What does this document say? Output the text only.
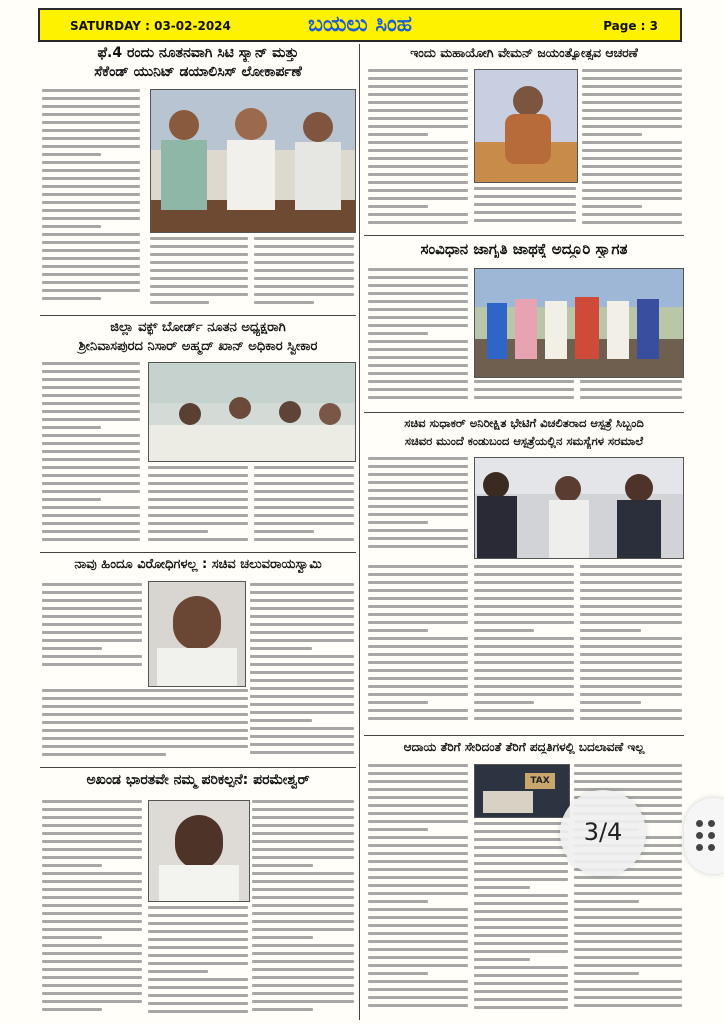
SATURDAY : 03-02-2024	ಬಯಲು ಸಿಂಹ	Page : 3
ಫೆ.4 ರಂದು ನೂತನವಾಗಿ ಸಿಟಿ ಸ್ಕ್ಯಾನ್ ಮತ್ತು
ಸೆಕೆಂಡ್ ಯುನಿಟ್ ಡಯಾಲಿಸಿಸ್ ಲೋಕಾರ್ಪಣೆ
ಜಿಲ್ಲಾ ವಕ್ಫ್ ಬೋರ್ಡ್ ನೂತನ ಅಧ್ಯಕ್ಷರಾಗಿ
ಶ್ರೀನಿವಾಸಪುರದ ನಿಸಾರ್ ಅಹ್ಮದ್ ಖಾನ್ ಅಧಿಕಾರ ಸ್ವೀಕಾರ
ನಾವು ಹಿಂದೂ ವಿರೋಧಿಗಳಲ್ಲ : ಸಚಿವ ಚಲುವರಾಯಸ್ವಾಮಿ
ಅಖಂಡ ಭಾರತವೇ ನಮ್ಮ ಪರಿಕಲ್ಪನೆ: ಪರಮೇಶ್ವರ್
ಇಂದು ಮಹಾಯೋಗಿ ವೇಮನ್ ಜಯಂತ್ಯೋತ್ಸವ ಆಚರಣೆ
ಸಂವಿಧಾನ ಜಾಗೃತಿ ಜಾಥಕ್ಕೆ ಅದ್ದೂರಿ ಸ್ವಾಗತ
ಸಚಿವ ಸುಧಾಕರ್ ಅನಿರೀಕ್ಷಿತ ಭೇಟಿಗೆ ವಿಚಲಿತರಾದ ಆಸ್ಪತ್ರೆ ಸಿಬ್ಬಂದಿ
ಸಚಿವರ ಮುಂದೆ ಕಂಡುಬಂದ ಆಸ್ಪತ್ರೆಯಲ್ಲಿನ ಸಮಸ್ಯೆಗಳ ಸರಮಾಲೆ
ಆದಾಯ ತೆರಿಗೆ ಸೇರಿದಂತೆ ತೆರಿಗೆ ಪದ್ಧತಿಗಳಲ್ಲಿ ಬದಲಾವಣೆ ಇಲ್ಲ
TAX
3/4
